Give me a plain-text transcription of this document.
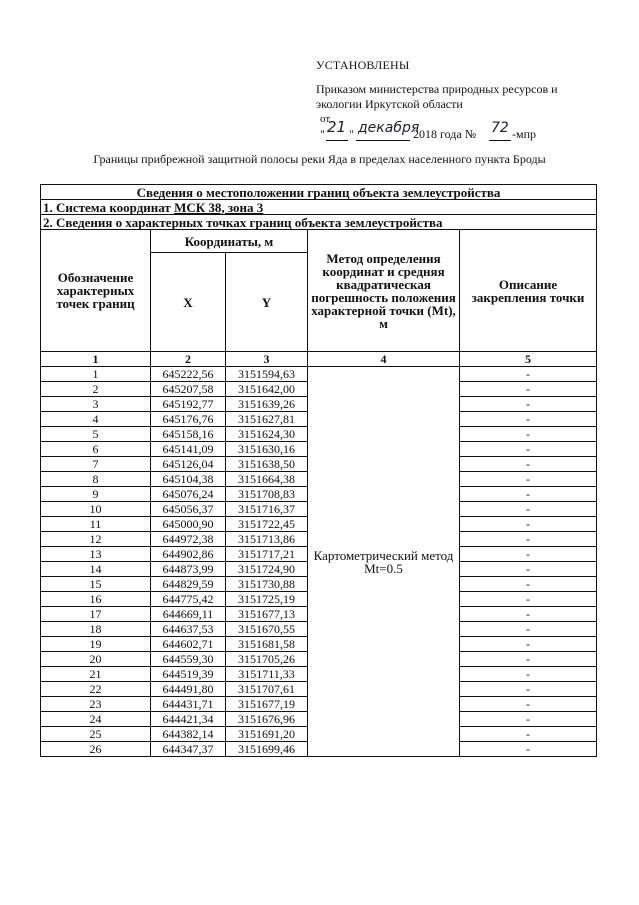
УСТАНОВЛЕНЫ
Приказом министерства природных ресурсов и
экологии Иркутской области
от
" 21 " декабря
2018 года № 72 -мпр
Границы прибрежной защитной полосы реки Яда в пределах населенного пункта Броды
Сведения о местоположении границ объекта землеустройства				
1. Система координат МСК 38, зона 3				
2. Сведения о характерных точках границ объекта землеустройства				
Обозначение характерных точек границ	Координаты, м		Метод определения координат и средняя квадратическая погрешность положения характерной точки (Mt), м	Описание закрепления точки
	X	Y		
1	2	3	4	5
1	645222,56	3151594,63	Картометрический метод Mt=0.5	-
2	645207,58	3151642,00		-
3	645192,77	3151639,26		-
4	645176,76	3151627,81		-
5	645158,16	3151624,30		-
6	645141,09	3151630,16		-
7	645126,04	3151638,50		-
8	645104,38	3151664,38		-
9	645076,24	3151708,83		-
10	645056,37	3151716,37		-
11	645000,90	3151722,45		-
12	644972,38	3151713,86		-
13	644902,86	3151717,21		-
14	644873,99	3151724,90		-
15	644829,59	3151730,88		-
16	644775,42	3151725,19		-
17	644669,11	3151677,13		-
18	644637,53	3151670,55		-
19	644602,71	3151681,58		-
20	644559,30	3151705,26		-
21	644519,39	3151711,33		-
22	644491,80	3151707,61		-
23	644431,71	3151677,19		-
24	644421,34	3151676,96		-
25	644382,14	3151691,20		-
26	644347,37	3151699,46		-
